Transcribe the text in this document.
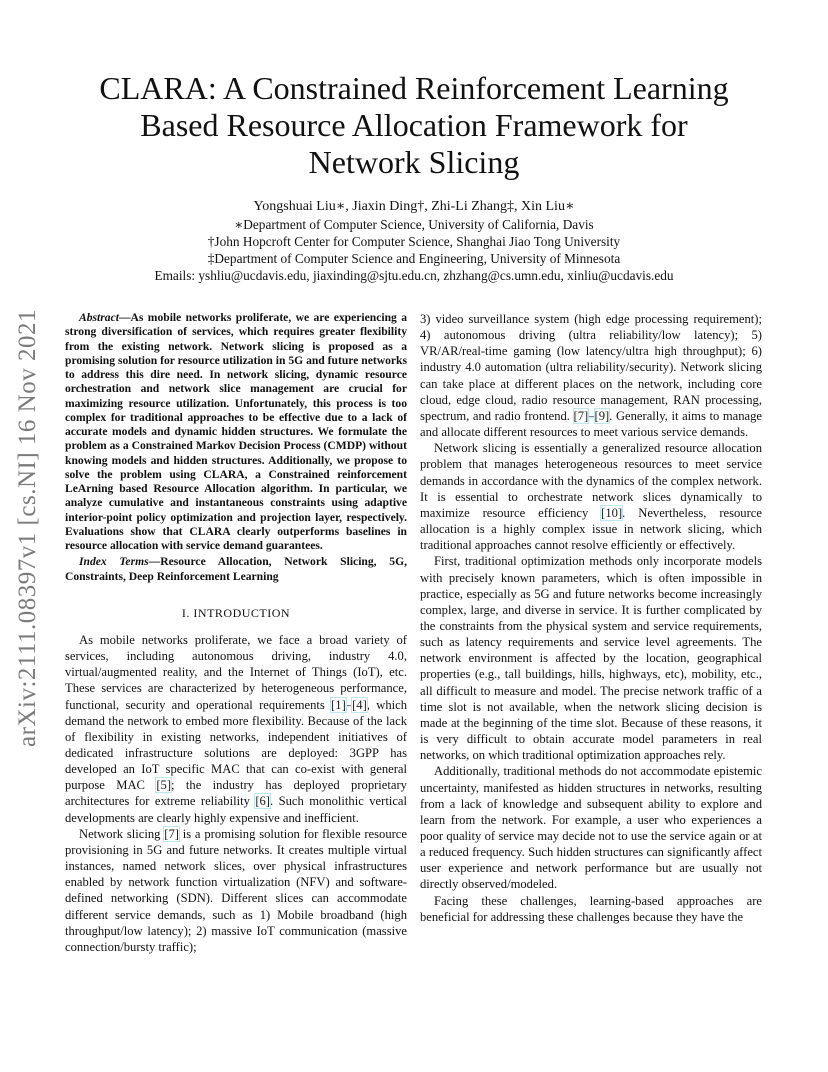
arXiv:2111.08397v1 [cs.NI] 16 Nov 2021
CLARA: A Constrained Reinforcement Learning
Based Resource Allocation Framework for
Network Slicing
Yongshuai Liu∗, Jiaxin Ding†, Zhi-Li Zhang‡, Xin Liu∗
∗Department of Computer Science, University of California, Davis
†John Hopcroft Center for Computer Science, Shanghai Jiao Tong University
‡Department of Computer Science and Engineering, University of Minnesota
Emails: yshliu@ucdavis.edu, jiaxinding@sjtu.edu.cn, zhzhang@cs.umn.edu, xinliu@ucdavis.edu

Abstract—As mobile networks proliferate, we are experiencing a strong diversification of services, which requires greater flexibility from the existing network. Network slicing is proposed as a promising solution for resource utilization in 5G and future networks to address this dire need. In network slicing, dynamic resource orchestration and network slice management are crucial for maximizing resource utilization. Unfortunately, this process is too complex for traditional approaches to be effective due to a lack of accurate models and dynamic hidden structures. We formulate the problem as a Constrained Markov Decision Process (CMDP) without knowing models and hidden structures. Additionally, we propose to solve the problem using CLARA, a Constrained reinforcement LeArning based Resource Allocation algorithm. In particular, we analyze cumulative and instantaneous constraints using adaptive interior-point policy optimization and projection layer, respectively. Evaluations show that CLARA clearly outperforms baselines in resource allocation with service demand guarantees.

Index Terms—Resource Allocation, Network Slicing, 5G, Constraints, Deep Reinforcement Learning

I. INTRODUCTION

As mobile networks proliferate, we face a broad variety of services, including autonomous driving, industry 4.0, virtual/augmented reality, and the Internet of Things (IoT), etc. These services are characterized by heterogeneous performance, functional, security and operational requirements [1]–[4], which demand the network to embed more flexibility. Because of the lack of flexibility in existing networks, independent initiatives of dedicated infrastructure solutions are deployed: 3GPP has developed an IoT specific MAC that can co-exist with general purpose MAC [5]; the industry has deployed proprietary architectures for extreme reliability [6]. Such monolithic vertical developments are clearly highly expensive and inefficient.

Network slicing [7] is a promising solution for flexible resource provisioning in 5G and future networks. It creates multiple virtual instances, named network slices, over physical infrastructures enabled by network function virtualization (NFV) and software-defined networking (SDN). Different slices can accommodate different service demands, such as 1) Mobile broadband (high throughput/low latency); 2) massive IoT communication (massive connection/bursty traffic);

3) video surveillance system (high edge processing requirement); 4) autonomous driving (ultra reliability/low latency); 5) VR/AR/real-time gaming (low latency/ultra high throughput); 6) industry 4.0 automation (ultra reliability/security). Network slicing can take place at different places on the network, including core cloud, edge cloud, radio resource management, RAN processing, spectrum, and radio frontend. [7]–[9]. Generally, it aims to manage and allocate different resources to meet various service demands.

Network slicing is essentially a generalized resource allocation problem that manages heterogeneous resources to meet service demands in accordance with the dynamics of the complex network. It is essential to orchestrate network slices dynamically to maximize resource efficiency [10]. Nevertheless, resource allocation is a highly complex issue in network slicing, which traditional approaches cannot resolve efficiently or effectively.

First, traditional optimization methods only incorporate models with precisely known parameters, which is often impossible in practice, especially as 5G and future networks become increasingly complex, large, and diverse in service. It is further complicated by the constraints from the physical system and service requirements, such as latency requirements and service level agreements. The network environment is affected by the location, geographical properties (e.g., tall buildings, hills, highways, etc), mobility, etc., all difficult to measure and model. The precise network traffic of a time slot is not available, when the network slicing decision is made at the beginning of the time slot. Because of these reasons, it is very difficult to obtain accurate model parameters in real networks, on which traditional optimization approaches rely.

Additionally, traditional methods do not accommodate epistemic uncertainty, manifested as hidden structures in networks, resulting from a lack of knowledge and subsequent ability to explore and learn from the network. For example, a user who experiences a poor quality of service may decide not to use the service again or at a reduced frequency. Such hidden structures can significantly affect user experience and network performance but are usually not directly observed/modeled.

Facing these challenges, learning-based approaches are beneficial for addressing these challenges because they have the
